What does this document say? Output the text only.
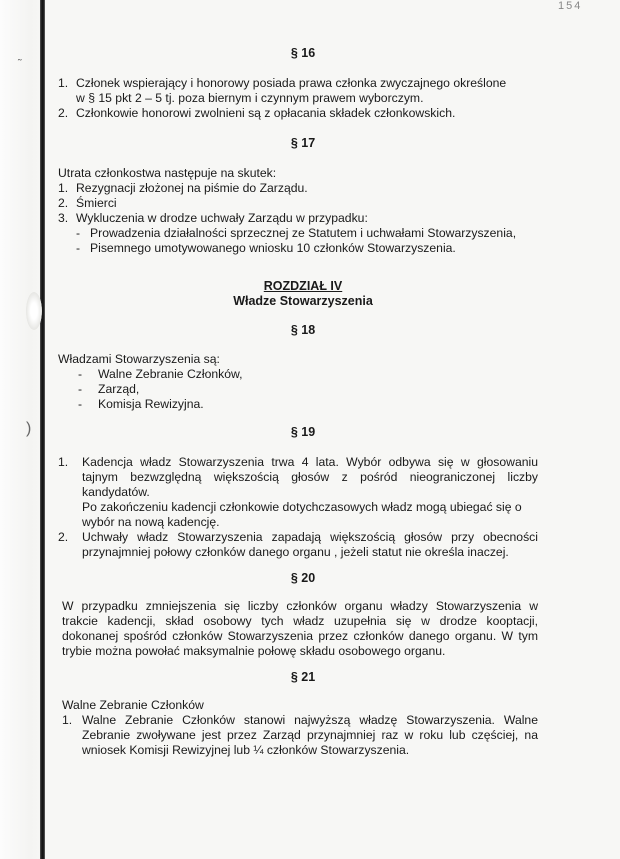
˜
)
154
§ 16
1. Członek wspierający i honorowy posiada prawa członka zwyczajnego określone
w § 15 pkt 2 – 5 tj. poza biernym i czynnym prawem wyborczym.
2. Członkowie honorowi zwolnieni są z opłacania składek członkowskich.
§ 17
Utrata członkostwa następuje na skutek:
1. Rezygnacji złożonej na piśmie do Zarządu.
2. Śmierci
3. Wykluczenia w drodze uchwały Zarządu w przypadku:
- Prowadzenia działalności sprzecznej ze Statutem i uchwałami Stowarzyszenia,
- Pisemnego umotywowanego wniosku 10 członków Stowarzyszenia.
ROZDZIAŁ IV
Władze Stowarzyszenia
§ 18
Władzami Stowarzyszenia są:
- Walne Zebranie Członków,
- Zarząd,
- Komisja Rewizyjna.
§ 19
1. Kadencja władz Stowarzyszenia trwa 4 lata. Wybór odbywa się w głosowaniu
tajnym bezwzględną większością głosów z pośród nieograniczonej liczby
kandydatów.
Po zakończeniu kadencji członkowie dotychczasowych władz mogą ubiegać się o
wybór na nową kadencję.
2. Uchwały władz Stowarzyszenia zapadają większością głosów przy obecności
przynajmniej połowy członków danego organu , jeżeli statut nie określa inaczej.
§ 20
W przypadku zmniejszenia się liczby członków organu władzy Stowarzyszenia w
trakcie kadencji, skład osobowy tych władz uzupełnia się w drodze kooptacji,
dokonanej spośród członków Stowarzyszenia przez członków danego organu. W tym
trybie można powołać maksymalnie połowę składu osobowego organu.
§ 21
Walne Zebranie Członków
1. Walne Zebranie Członków stanowi najwyższą władzę Stowarzyszenia. Walne
Zebranie zwoływane jest przez Zarząd przynajmniej raz w roku lub częściej, na
wniosek Komisji Rewizyjnej lub ¼ członków Stowarzyszenia.
